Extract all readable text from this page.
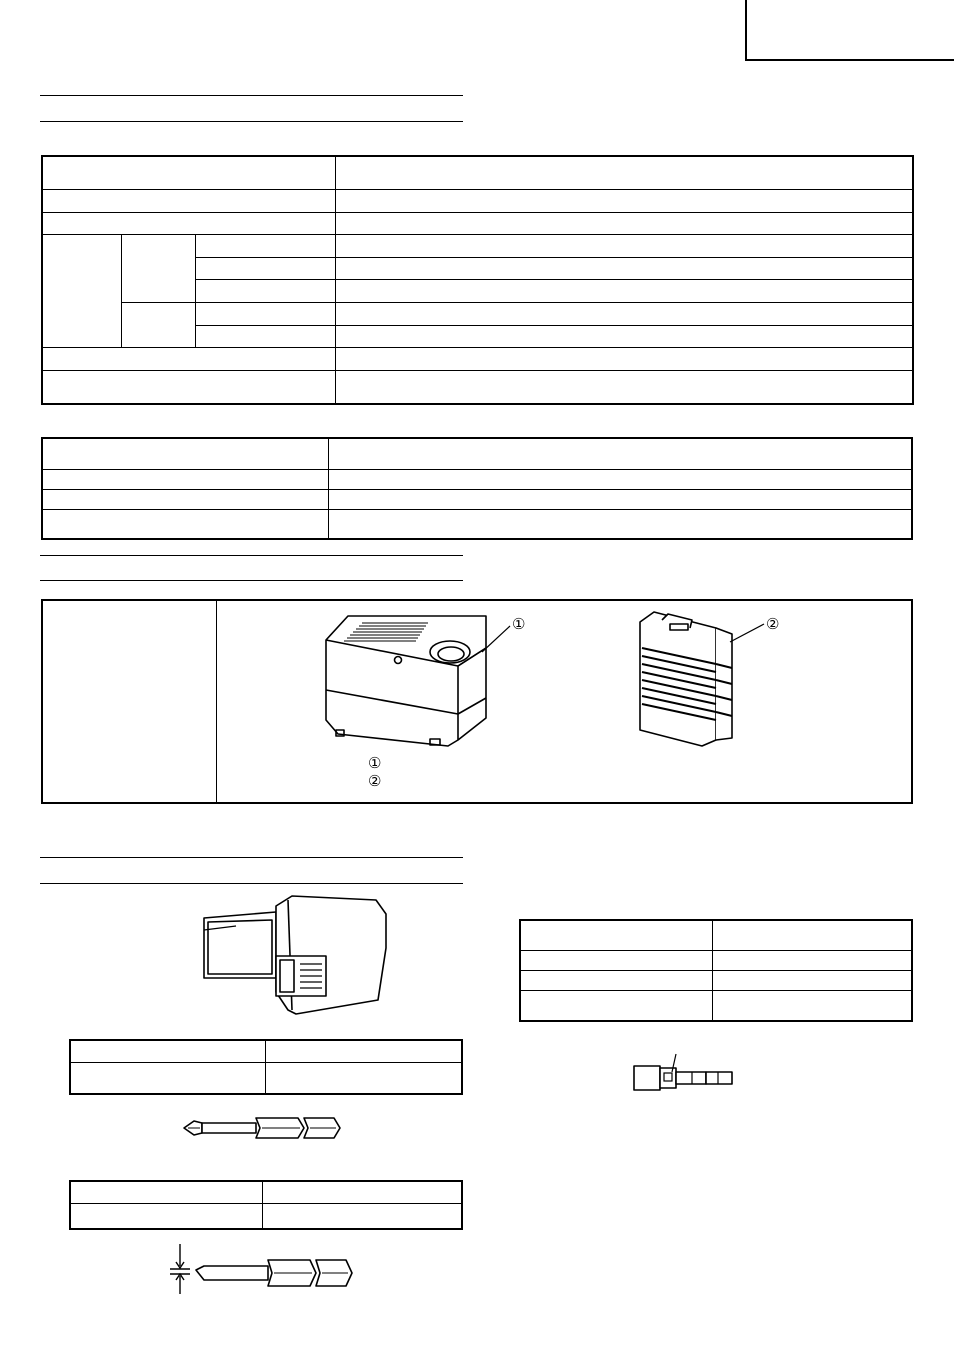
①	②
①
②
